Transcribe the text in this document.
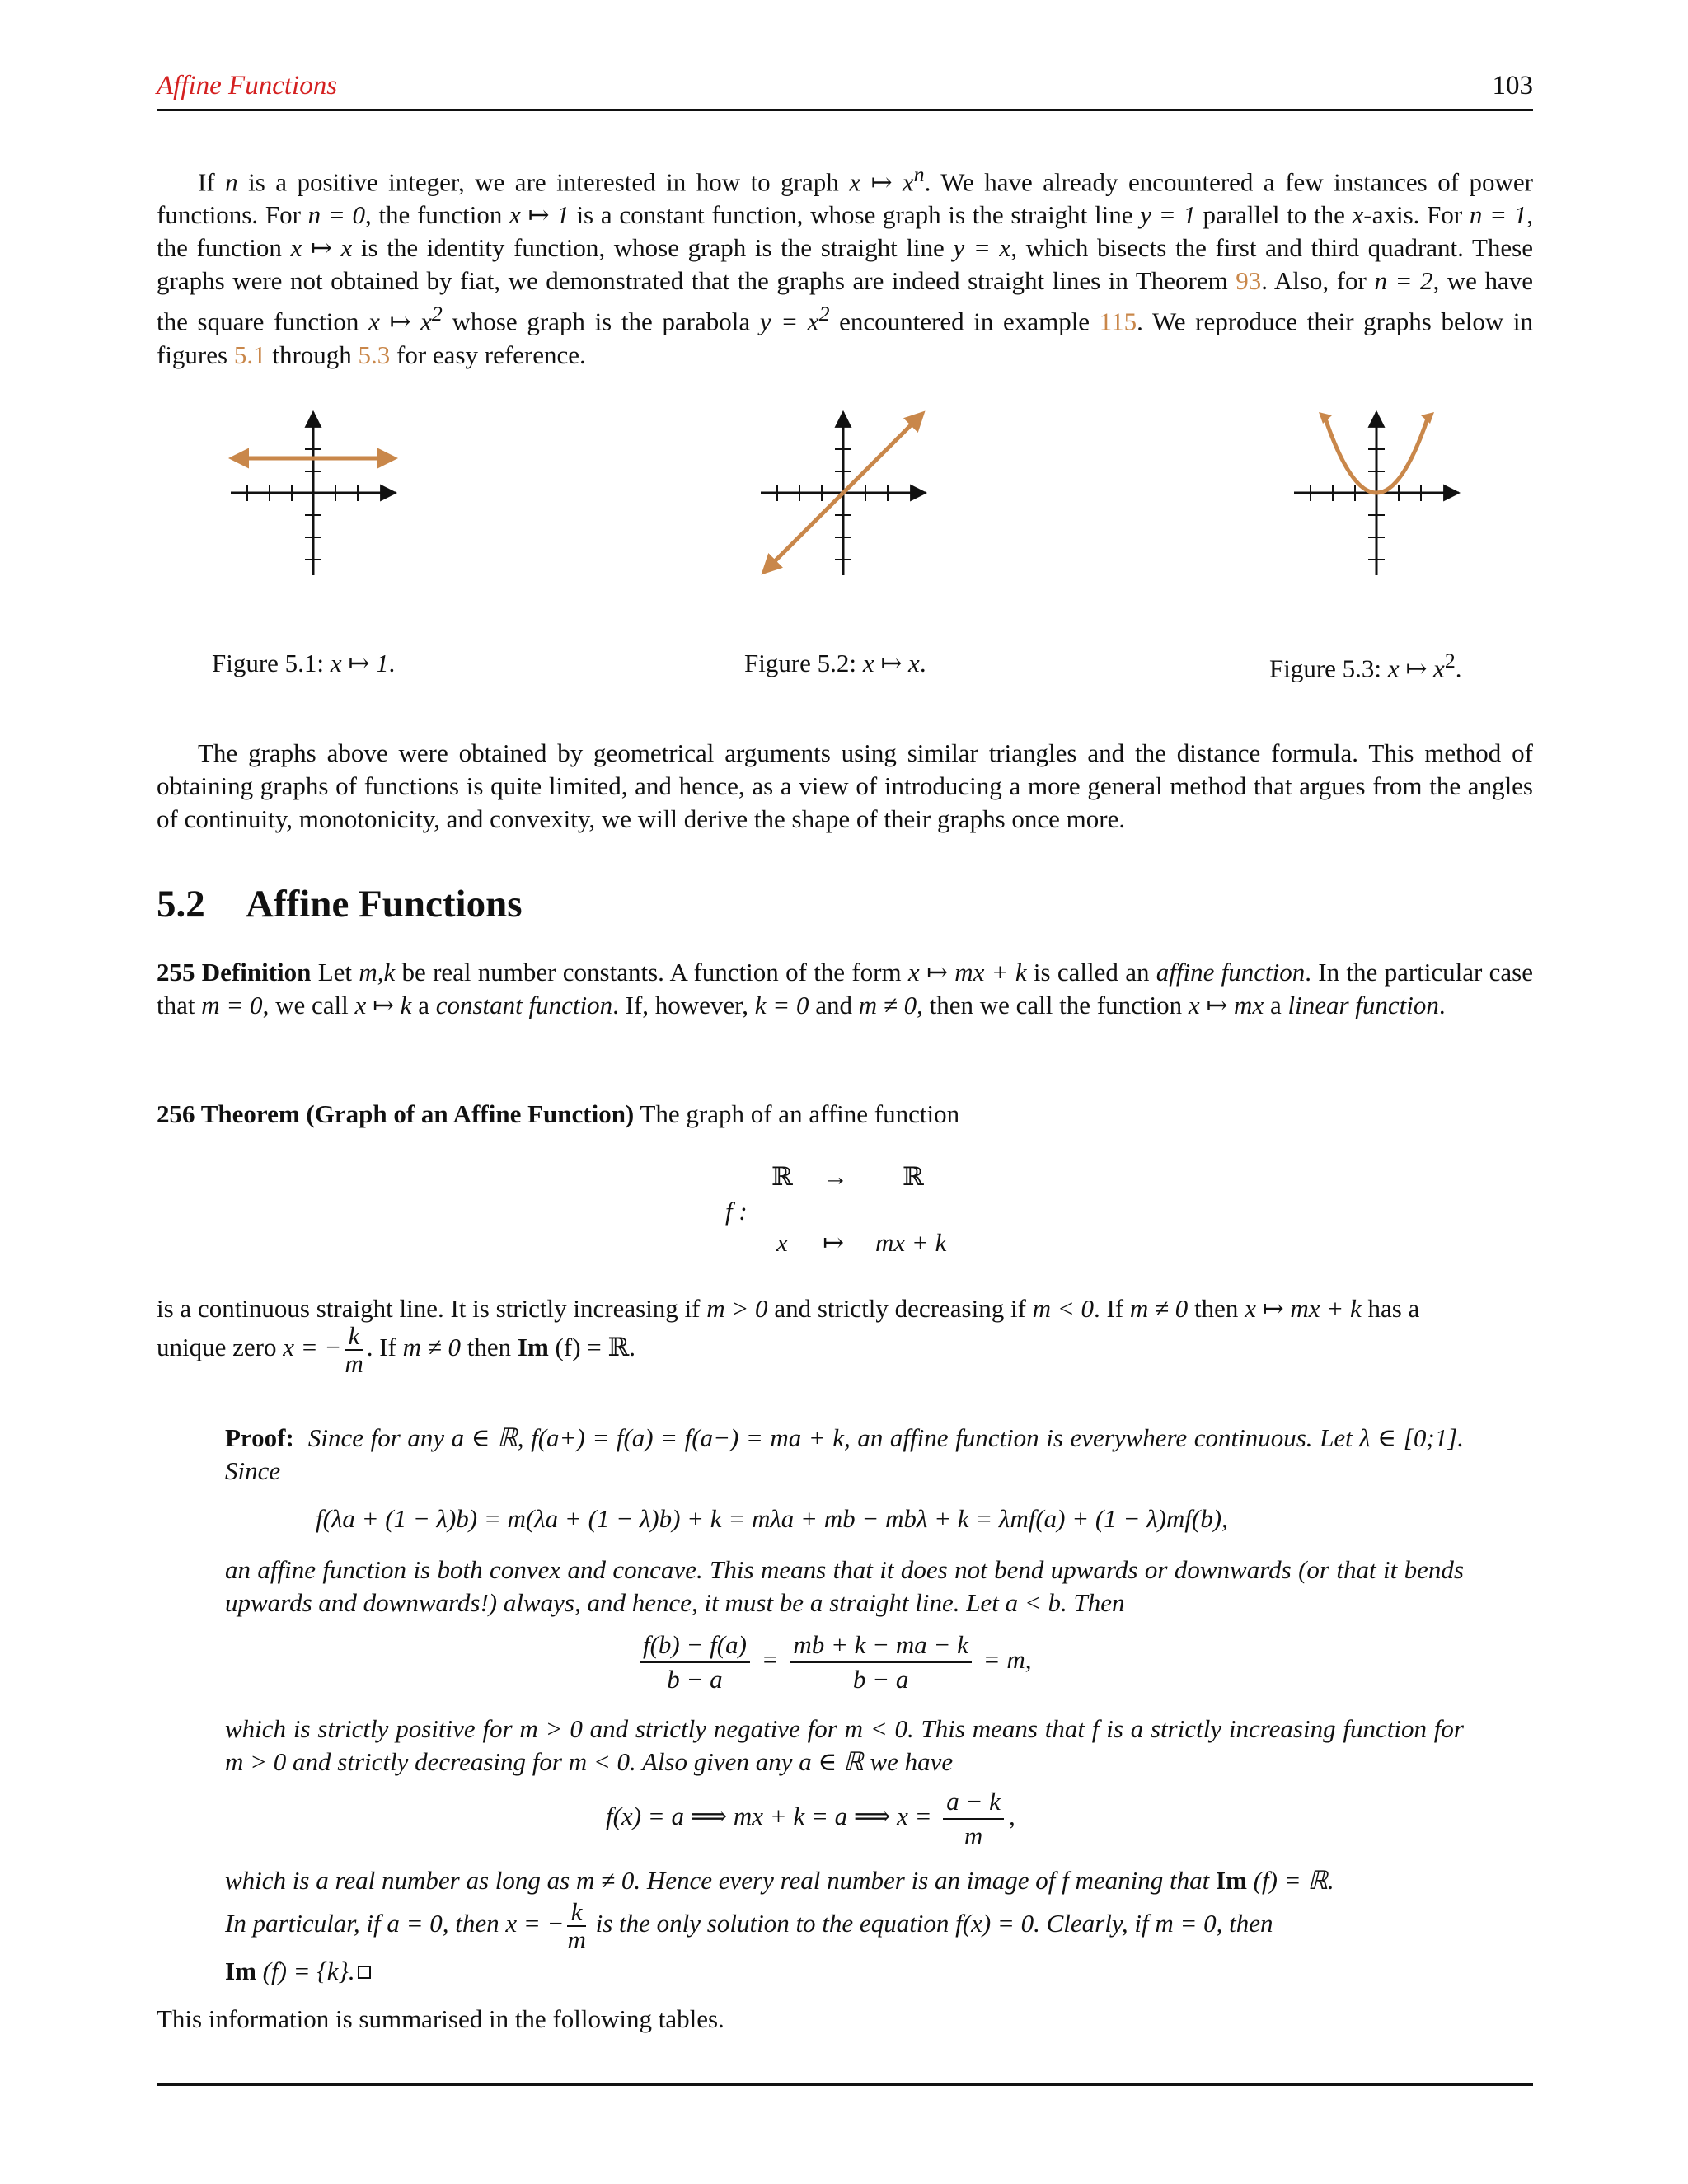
Affine Functions	103
If n is a positive integer, we are interested in how to graph x ↦ $x^n$. We have already encountered a few instances of power functions. For n = 0, the function x ↦ 1 is a constant function, whose graph is the straight line y = 1 parallel to the x-axis. For n = 1, the function x ↦ x is the identity function, whose graph is the straight line y = x, which bisects the first and third quadrant. These graphs were not obtained by fiat, we demonstrated that the graphs are indeed straight lines in Theorem 93. Also, for n = 2, we have the square function x ↦ $x^2$ whose graph is the parabola $y = x^2$ encountered in example 115. We reproduce their graphs below in figures 5.1 through 5.3 for easy reference.
Figure 5.1: x ↦ 1.	Figure 5.2: x ↦ x.	Figure 5.3: x ↦ $x^2$.
The graphs above were obtained by geometrical arguments using similar triangles and the distance formula. This method of obtaining graphs of functions is quite limited, and hence, as a view of introducing a more general method that argues from the angles of continuity, monotonicity, and convexity, we will derive the shape of their graphs once more.
5.2 Affine Functions
255 Definition Let m,k be real number constants. A function of the form x ↦ mx + k is called an affine function. In the particular case that m = 0, we call x ↦ k a constant function. If, however, k = 0 and m ≠ 0, then we call the function x ↦ mx a linear function.
256 Theorem (Graph of an Affine Function) The graph of an affine function
f :
ℝ → ℝ
x ↦ mx + k
is a continuous straight line. It is strictly increasing if m > 0 and strictly decreasing if m < 0. If m ≠ 0 then x ↦ mx + k has a
unique zero x = − $\frac{k}{m}$ . If m ≠ 0 then Im (f) = ℝ.
Proof: Since for any a ∈ ℝ, f(a+) = f(a) = f(a−) = ma + k, an affine function is everywhere continuous. Let λ ∈ [0;1]. Since
f(λa + (1 − λ)b) = m(λa + (1 − λ)b) + k = mλa + mb − mbλ + k = λmf(a) + (1 − λ)mf(b),
an affine function is both convex and concave. This means that it does not bend upwards or downwards (or that it bends upwards and downwards!) always, and hence, it must be a straight line. Let a < b. Then
$\frac{f(b) - f(a)}{b - a} = \frac{mb + k - ma - k}{b - a} = m$,
which is strictly positive for m > 0 and strictly negative for m < 0. This means that f is a strictly increasing function for m > 0 and strictly decreasing for m < 0. Also given any a ∈ ℝ we have
f(x) = a ⟹ mx + k = a ⟹ $x = \frac{a - k}{m}$ ,
which is a real number as long as m ≠ 0. Hence every real number is an image of f meaning that Im (f) = ℝ.
In particular, if a = 0, then x = − $\frac{k}{m}$ is the only solution to the equation f(x) = 0. Clearly, if m = 0, then
Im (f) = {k}.
This information is summarised in the following tables.
